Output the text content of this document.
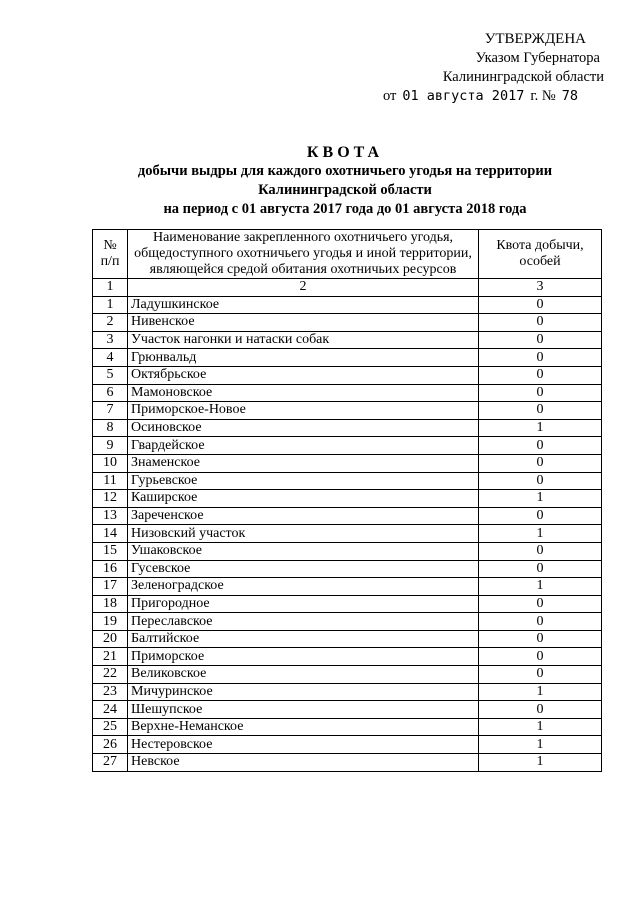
УТВЕРЖДЕНА
Указом Губернатора
Калининградской области
от 01 августа 2017 г. № 78
КВОТА
добычи выдры для каждого охотничьего угодья на территории
Калининградской области
на период с 01 августа 2017 года до 01 августа 2018 года
№ п/п	Наименование закрепленного охотничьего угодья, общедоступного охотничьего угодья и иной территории, являющейся средой обитания охотничьих ресурсов	Квота добычи, особей
1	2	3
1	Ладушкинское	0
2	Нивенское	0
3	Участок нагонки и натаски собак	0
4	Грюнвальд	0
5	Октябрьское	0
6	Мамоновское	0
7	Приморское-Новое	0
8	Осиновское	1
9	Гвардейское	0
10	Знаменское	0
11	Гурьевское	0
12	Каширское	1
13	Зареченское	0
14	Низовский участок	1
15	Ушаковское	0
16	Гусевское	0
17	Зеленоградское	1
18	Пригородное	0
19	Переславское	0
20	Балтийское	0
21	Приморское	0
22	Великовское	0
23	Мичуринское	1
24	Шешупское	0
25	Верхне-Неманское	1
26	Нестеровское	1
27	Невское	1
